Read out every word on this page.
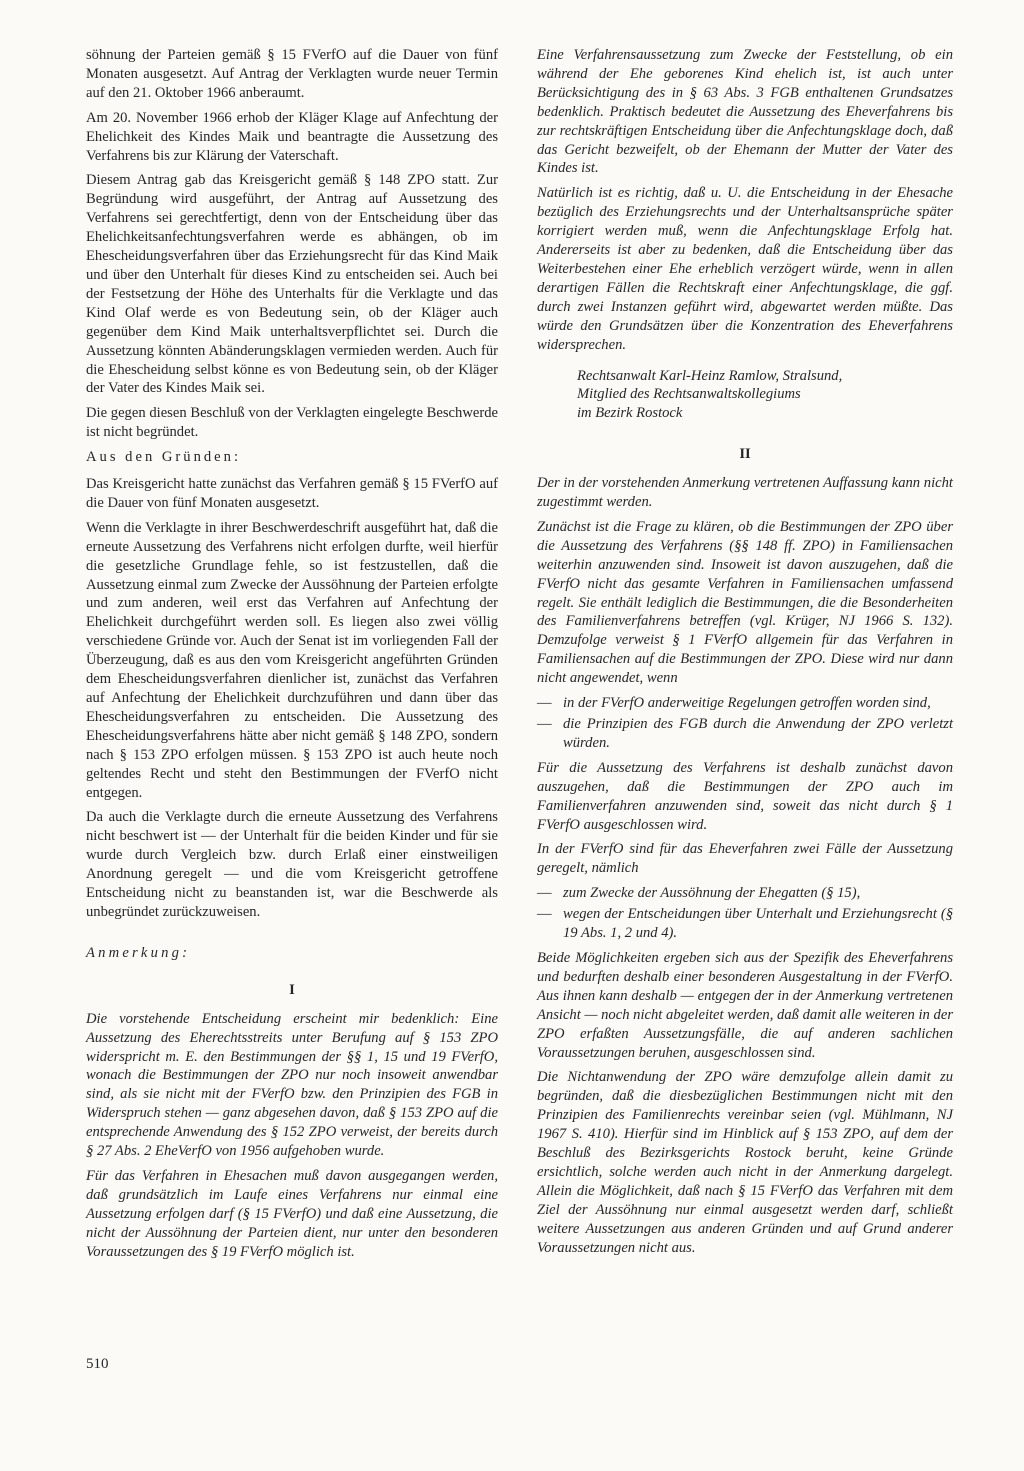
söhnung der Parteien gemäß § 15 FVerfO auf die Dauer von fünf Monaten ausgesetzt. Auf Antrag der Verklagten wurde neuer Termin auf den 21. Oktober 1966 anberaumt.

Am 20. November 1966 erhob der Kläger Klage auf Anfechtung der Ehelichkeit des Kindes Maik und beantragte die Aussetzung des Verfahrens bis zur Klärung der Vaterschaft.

Diesem Antrag gab das Kreisgericht gemäß § 148 ZPO statt. Zur Begründung wird ausgeführt, der Antrag auf Aussetzung des Verfahrens sei gerechtfertigt, denn von der Entscheidung über das Ehelichkeitsanfechtungsverfahren werde es abhängen, ob im Ehescheidungsverfahren über das Erziehungsrecht für das Kind Maik und über den Unterhalt für dieses Kind zu entscheiden sei. Auch bei der Festsetzung der Höhe des Unterhalts für die Verklagte und das Kind Olaf werde es von Bedeutung sein, ob der Kläger auch gegenüber dem Kind Maik unterhaltsverpflichtet sei. Durch die Aussetzung könnten Abänderungsklagen vermieden werden. Auch für die Ehescheidung selbst könne es von Bedeutung sein, ob der Kläger der Vater des Kindes Maik sei.

Die gegen diesen Beschluß von der Verklagten eingelegte Beschwerde ist nicht begründet.

Aus den Gründen:

Das Kreisgericht hatte zunächst das Verfahren gemäß § 15 FVerfO auf die Dauer von fünf Monaten ausgesetzt.

Wenn die Verklagte in ihrer Beschwerdeschrift ausgeführt hat, daß die erneute Aussetzung des Verfahrens nicht erfolgen durfte, weil hierfür die gesetzliche Grundlage fehle, so ist festzustellen, daß die Aussetzung einmal zum Zwecke der Aussöhnung der Parteien erfolgte und zum anderen, weil erst das Verfahren auf Anfechtung der Ehelichkeit durchgeführt werden soll. Es liegen also zwei völlig verschiedene Gründe vor. Auch der Senat ist im vorliegenden Fall der Überzeugung, daß es aus den vom Kreisgericht angeführten Gründen dem Ehescheidungsverfahren dienlicher ist, zunächst das Verfahren auf Anfechtung der Ehelichkeit durchzuführen und dann über das Ehescheidungsverfahren zu entscheiden. Die Aussetzung des Ehescheidungsverfahrens hätte aber nicht gemäß § 148 ZPO, sondern nach § 153 ZPO erfolgen müssen. § 153 ZPO ist auch heute noch geltendes Recht und steht den Bestimmungen der FVerfO nicht entgegen.

Da auch die Verklagte durch die erneute Aussetzung des Verfahrens nicht beschwert ist — der Unterhalt für die beiden Kinder und für sie wurde durch Vergleich bzw. durch Erlaß einer einstweiligen Anordnung geregelt — und die vom Kreisgericht getroffene Entscheidung nicht zu beanstanden ist, war die Beschwerde als unbegründet zurückzuweisen.

Anmerkung:

I

Die vorstehende Entscheidung erscheint mir bedenklich: Eine Aussetzung des Eherechtsstreits unter Berufung auf § 153 ZPO widerspricht m. E. den Bestimmungen der §§ 1, 15 und 19 FVerfO, wonach die Bestimmungen der ZPO nur noch insoweit anwendbar sind, als sie nicht mit der FVerfO bzw. den Prinzipien des FGB in Widerspruch stehen — ganz abgesehen davon, daß § 153 ZPO auf die entsprechende Anwendung des § 152 ZPO verweist, der bereits durch § 27 Abs. 2 EheVerfO von 1956 aufgehoben wurde.

Für das Verfahren in Ehesachen muß davon ausgegangen werden, daß grundsätzlich im Laufe eines Verfahrens nur einmal eine Aussetzung erfolgen darf (§ 15 FVerfO) und daß eine Aussetzung, die nicht der Aussöhnung der Parteien dient, nur unter den besonderen Voraussetzungen des § 19 FVerfO möglich ist.

Eine Verfahrensaussetzung zum Zwecke der Feststellung, ob ein während der Ehe geborenes Kind ehelich ist, ist auch unter Berücksichtigung des in § 63 Abs. 3 FGB enthaltenen Grundsatzes bedenklich. Praktisch bedeutet die Aussetzung des Eheverfahrens bis zur rechtskräftigen Entscheidung über die Anfechtungsklage doch, daß das Gericht bezweifelt, ob der Ehemann der Mutter der Vater des Kindes ist.

Natürlich ist es richtig, daß u. U. die Entscheidung in der Ehesache bezüglich des Erziehungsrechts und der Unterhaltsansprüche später korrigiert werden muß, wenn die Anfechtungsklage Erfolg hat. Andererseits ist aber zu bedenken, daß die Entscheidung über das Weiterbestehen einer Ehe erheblich verzögert würde, wenn in allen derartigen Fällen die Rechtskraft einer Anfechtungsklage, die ggf. durch zwei Instanzen geführt wird, abgewartet werden müßte. Das würde den Grundsätzen über die Konzentration des Eheverfahrens widersprechen.

Rechtsanwalt Karl-Heinz Ramlow, Stralsund,
Mitglied des Rechtsanwaltskollegiums
im Bezirk Rostock

II

Der in der vorstehenden Anmerkung vertretenen Auffassung kann nicht zugestimmt werden.

Zunächst ist die Frage zu klären, ob die Bestimmungen der ZPO über die Aussetzung des Verfahrens (§§ 148 ff. ZPO) in Familiensachen weiterhin anzuwenden sind. Insoweit ist davon auszugehen, daß die FVerfO nicht das gesamte Verfahren in Familiensachen umfassend regelt. Sie enthält lediglich die Bestimmungen, die die Besonderheiten des Familienverfahrens betreffen (vgl. Krüger, NJ 1966 S. 132). Demzufolge verweist § 1 FVerfO allgemein für das Verfahren in Familiensachen auf die Bestimmungen der ZPO. Diese wird nur dann nicht angewendet, wenn

— in der FVerfO anderweitige Regelungen getroffen worden sind,
— die Prinzipien des FGB durch die Anwendung der ZPO verletzt würden.

Für die Aussetzung des Verfahrens ist deshalb zunächst davon auszugehen, daß die Bestimmungen der ZPO auch im Familienverfahren anzuwenden sind, soweit das nicht durch § 1 FVerfO ausgeschlossen wird.

In der FVerfO sind für das Eheverfahren zwei Fälle der Aussetzung geregelt, nämlich

— zum Zwecke der Aussöhnung der Ehegatten (§ 15),
— wegen der Entscheidungen über Unterhalt und Erziehungsrecht (§ 19 Abs. 1, 2 und 4).

Beide Möglichkeiten ergeben sich aus der Spezifik des Eheverfahrens und bedurften deshalb einer besonderen Ausgestaltung in der FVerfO. Aus ihnen kann deshalb — entgegen der in der Anmerkung vertretenen Ansicht — noch nicht abgeleitet werden, daß damit alle weiteren in der ZPO erfaßten Aussetzungsfälle, die auf anderen sachlichen Voraussetzungen beruhen, ausgeschlossen sind.

Die Nichtanwendung der ZPO wäre demzufolge allein damit zu begründen, daß die diesbezüglichen Bestimmungen nicht mit den Prinzipien des Familienrechts vereinbar seien (vgl. Mühlmann, NJ 1967 S. 410). Hierfür sind im Hinblick auf § 153 ZPO, auf dem der Beschluß des Bezirksgerichts Rostock beruht, keine Gründe ersichtlich, solche werden auch nicht in der Anmerkung dargelegt. Allein die Möglichkeit, daß nach § 15 FVerfO das Verfahren mit dem Ziel der Aussöhnung nur einmal ausgesetzt werden darf, schließt weitere Aussetzungen aus anderen Gründen und auf Grund anderer Voraussetzungen nicht aus.

510
